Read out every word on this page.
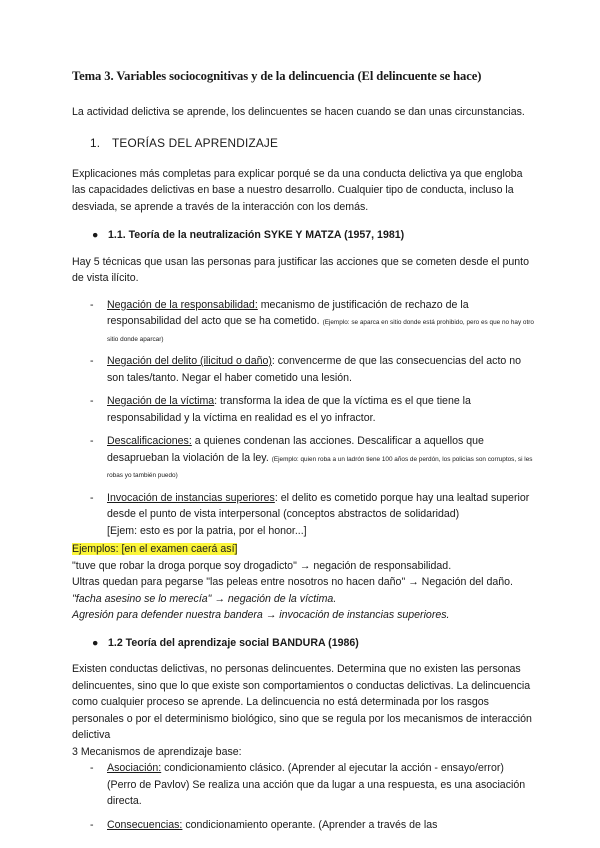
Tema 3. Variables sociocognitivas y de la delincuencia (El delincuente se hace)

La actividad delictiva se aprende, los delincuentes se hacen cuando se dan unas circunstancias.

1. TEORÍAS DEL APRENDIZAJE

Explicaciones más completas para explicar porqué se da una conducta delictiva ya que engloba las capacidades delictivas en base a nuestro desarrollo. Cualquier tipo de conducta, incluso la desviada, se aprende a través de la interacción con los demás.

● 1.1. Teoría de la neutralización SYKE Y MATZA (1957, 1981)

Hay 5 técnicas que usan las personas para justificar las acciones que se cometen desde el punto de vista ilícito.

- Negación de la responsabilidad: mecanismo de justificación de rechazo de la responsabilidad del acto que se ha cometido. (Ejemplo: se aparca en sitio donde está prohibido, pero es que no hay otro sitio donde aparcar)
- Negación del delito (ilicitud o daño): convencerme de que las consecuencias del acto no son tales/tanto. Negar el haber cometido una lesión.
- Negación de la víctima: transforma la idea de que la víctima es el que tiene la responsabilidad y la víctima en realidad es el yo infractor.
- Descalificaciones: a quienes condenan las acciones. Descalificar a aquellos que desaprueban la violación de la ley. (Ejemplo: quien roba a un ladrón tiene 100 años de perdón, los policías son corruptos, si les robas yo también puedo)
- Invocación de instancias superiores: el delito es cometido porque hay una lealtad superior desde el punto de vista interpersonal (conceptos abstractos de solidaridad)
[Ejem: esto es por la patria, por el honor...]

Ejemplos: [en el examen caerá así]

"tuve que robar la droga porque soy drogadicto" → negación de responsabilidad.

Ultras quedan para pegarse "las peleas entre nosotros no hacen daño" → Negación del daño.

"facha asesino se lo merecía" → negación de la víctima.

Agresión para defender nuestra bandera → invocación de instancias superiores.

● 1.2 Teoría del aprendizaje social BANDURA (1986)

Existen conductas delictivas, no personas delincuentes. Determina que no existen las personas delincuentes, sino que lo que existe son comportamientos o conductas delictivas. La delincuencia como cualquier proceso se aprende. La delincuencia no está determinada por los rasgos personales o por el determinismo biológico, sino que se regula por los mecanismos de interacción delictiva

3 Mecanismos de aprendizaje base:

- Asociación: condicionamiento clásico. (Aprender al ejecutar la acción - ensayo/error) (Perro de Pavlov) Se realiza una acción que da lugar a una respuesta, es una asociación directa.
- Consecuencias: condicionamiento operante. (Aprender a través de las
